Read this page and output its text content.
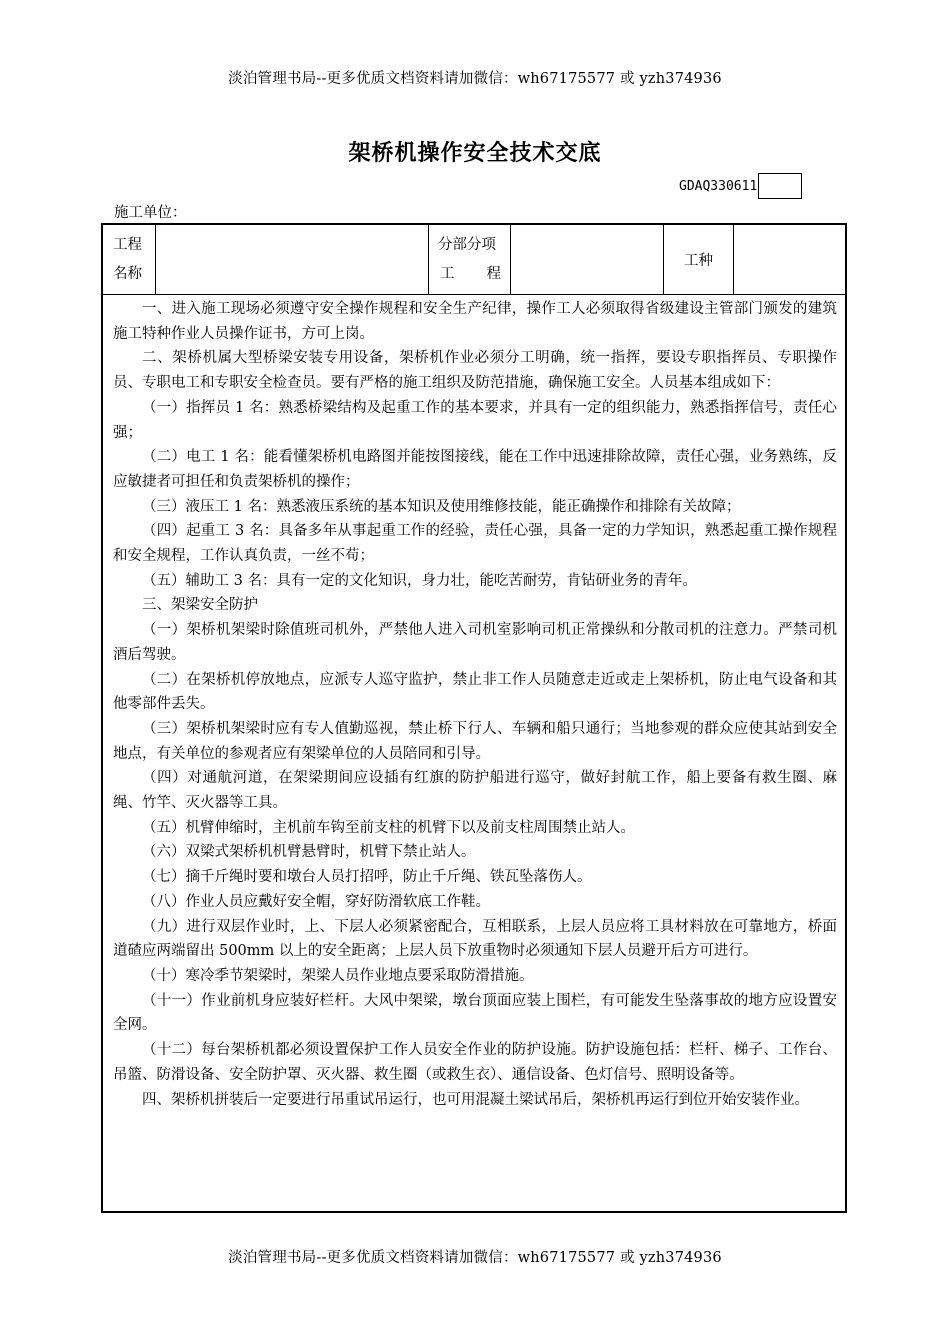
淡泊管理书局--更多优质文档资料请加微信：wh67175577 或 yzh374936
架桥机操作安全技术交底
GDAQ330611
施工单位：
工程
名称
分部分项
工 程
工种

一、进入施工现场必须遵守安全操作规程和安全生产纪律，操作工人必须取得省级建设主管部门颁发的建筑施工特种作业人员操作证书，方可上岗。

二、架桥机属大型桥梁安装专用设备，架桥机作业必须分工明确，统一指挥，要设专职指挥员、专职操作员、专职电工和专职安全检查员。要有严格的施工组织及防范措施，确保施工安全。人员基本组成如下：

（一）指挥员 1 名：熟悉桥梁结构及起重工作的基本要求，并具有一定的组织能力，熟悉指挥信号，责任心强；

（二）电工 1 名：能看懂架桥机电路图并能按图接线，能在工作中迅速排除故障，责任心强，业务熟练，反应敏捷者可担任和负责架桥机的操作；

（三）液压工 1 名：熟悉液压系统的基本知识及使用维修技能，能正确操作和排除有关故障；

（四）起重工 3 名：具备多年从事起重工作的经验，责任心强，具备一定的力学知识，熟悉起重工操作规程和安全规程，工作认真负责，一丝不苟；

（五）辅助工 3 名：具有一定的文化知识，身力壮，能吃苦耐劳，肯钻研业务的青年。

三、架梁安全防护

（一）架桥机架梁时除值班司机外，严禁他人进入司机室影响司机正常操纵和分散司机的注意力。严禁司机酒后驾驶。

（二）在架桥机停放地点，应派专人巡守监护，禁止非工作人员随意走近或走上架桥机，防止电气设备和其他零部件丢失。

（三）架桥机架梁时应有专人值勤巡视，禁止桥下行人、车辆和船只通行；当地参观的群众应使其站到安全地点，有关单位的参观者应有架梁单位的人员陪同和引导。

（四）对通航河道，在架梁期间应设插有红旗的防护船进行巡守，做好封航工作，船上要备有救生圈、麻绳、竹竿、灭火器等工具。

（五）机臂伸缩时，主机前车钩至前支柱的机臂下以及前支柱周围禁止站人。

（六）双梁式架桥机机臂悬臂时，机臂下禁止站人。

（七）摘千斤绳时要和墩台人员打招呼，防止千斤绳、铁瓦坠落伤人。

（八）作业人员应戴好安全帽，穿好防滑软底工作鞋。

（九）进行双层作业时，上、下层人必须紧密配合，互相联系，上层人员应将工具材料放在可靠地方，桥面道碴应两端留出 500mm 以上的安全距离；上层人员下放重物时必须通知下层人员避开后方可进行。

（十）寒冷季节架梁时，架梁人员作业地点要采取防滑措施。

（十一）作业前机身应装好栏杆。大风中架梁，墩台顶面应装上围栏，有可能发生坠落事故的地方应设置安全网。

（十二）每台架桥机都必须设置保护工作人员安全作业的防护设施。防护设施包括：栏杆、梯子、工作台、吊篮、防滑设备、安全防护罩、灭火器、救生圈（或救生衣）、通信设备、色灯信号、照明设备等。

四、架桥机拼装后一定要进行吊重试吊运行，也可用混凝土梁试吊后，架桥机再运行到位开始安装作业。

淡泊管理书局--更多优质文档资料请加微信：wh67175577 或 yzh374936
